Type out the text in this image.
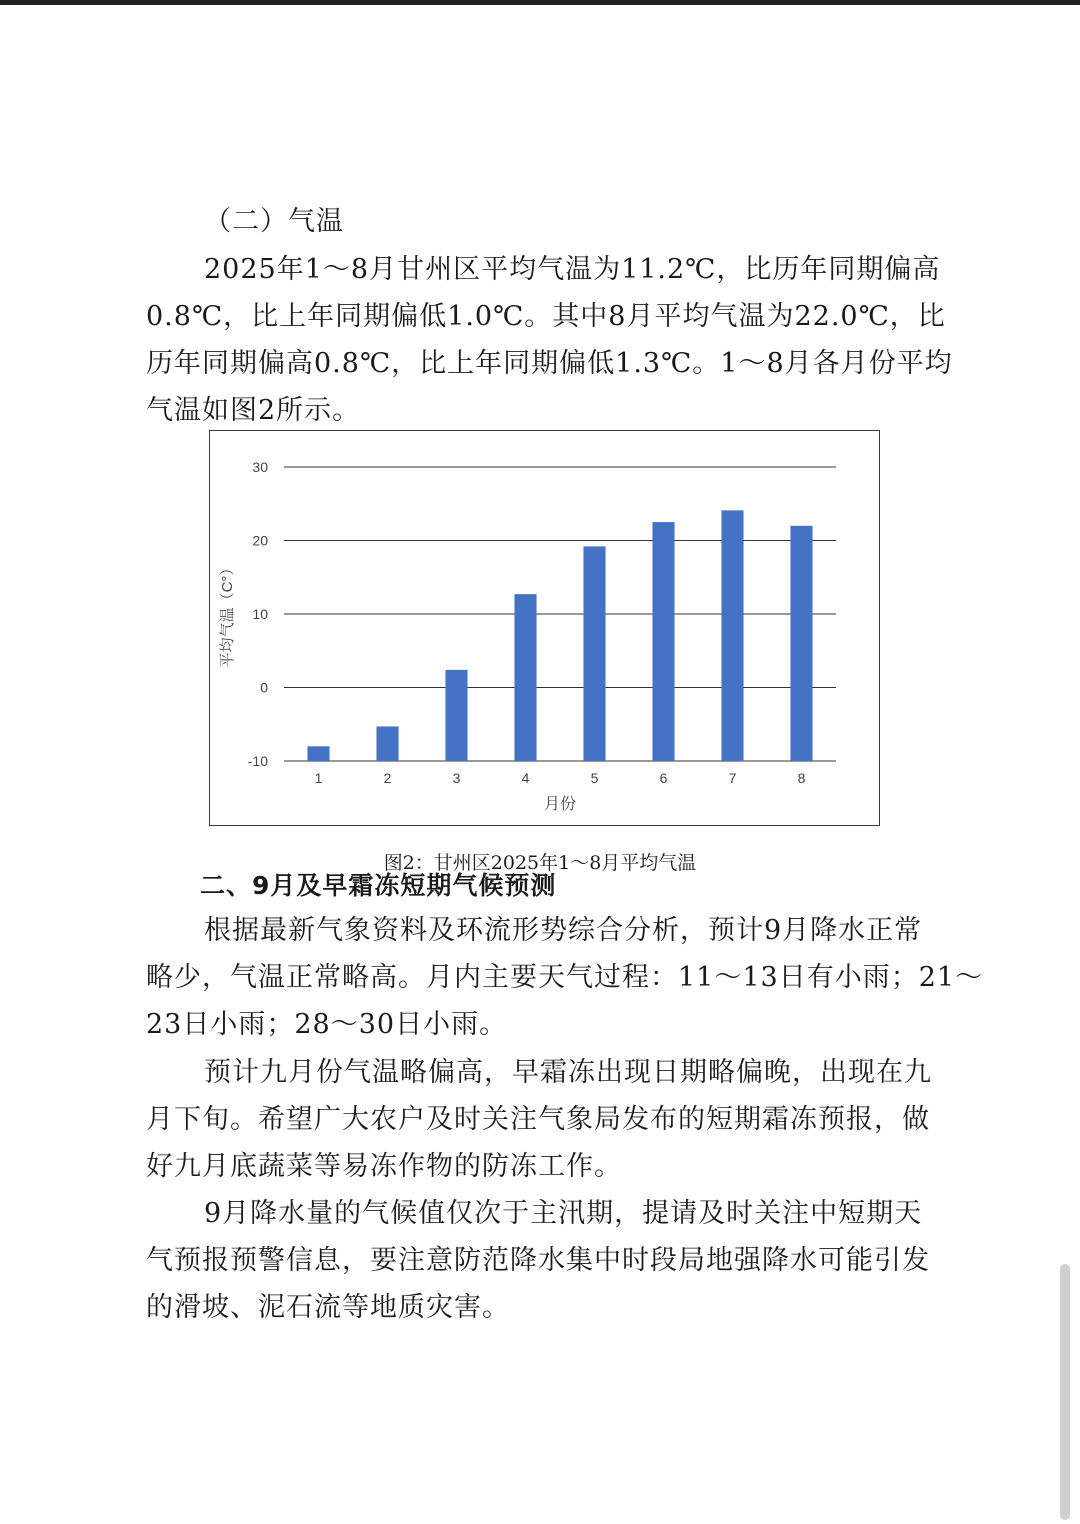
（二）气温

2025年1～8月甘州区平均气温为11.2℃，比历年同期偏高

0.8℃，比上年同期偏低1.0℃。其中8月平均气温为22.0℃，比

历年同期偏高0.8℃，比上年同期偏低1.3℃。1～8月各月份平均

气温如图2所示。

30
20
10
0
-10
1	2	3	4	5	6	7	8
月份
平均气温（C°）

图2：甘州区2025年1～8月平均气温

二、9月及早霜冻短期气候预测

根据最新气象资料及环流形势综合分析，预计9月降水正常

略少，气温正常略高。月内主要天气过程：11～13日有小雨；21～

23日小雨；28～30日小雨。

预计九月份气温略偏高，早霜冻出现日期略偏晚，出现在九

月下旬。希望广大农户及时关注气象局发布的短期霜冻预报，做

好九月底蔬菜等易冻作物的防冻工作。

9月降水量的气候值仅次于主汛期，提请及时关注中短期天

气预报预警信息，要注意防范降水集中时段局地强降水可能引发

的滑坡、泥石流等地质灾害。
